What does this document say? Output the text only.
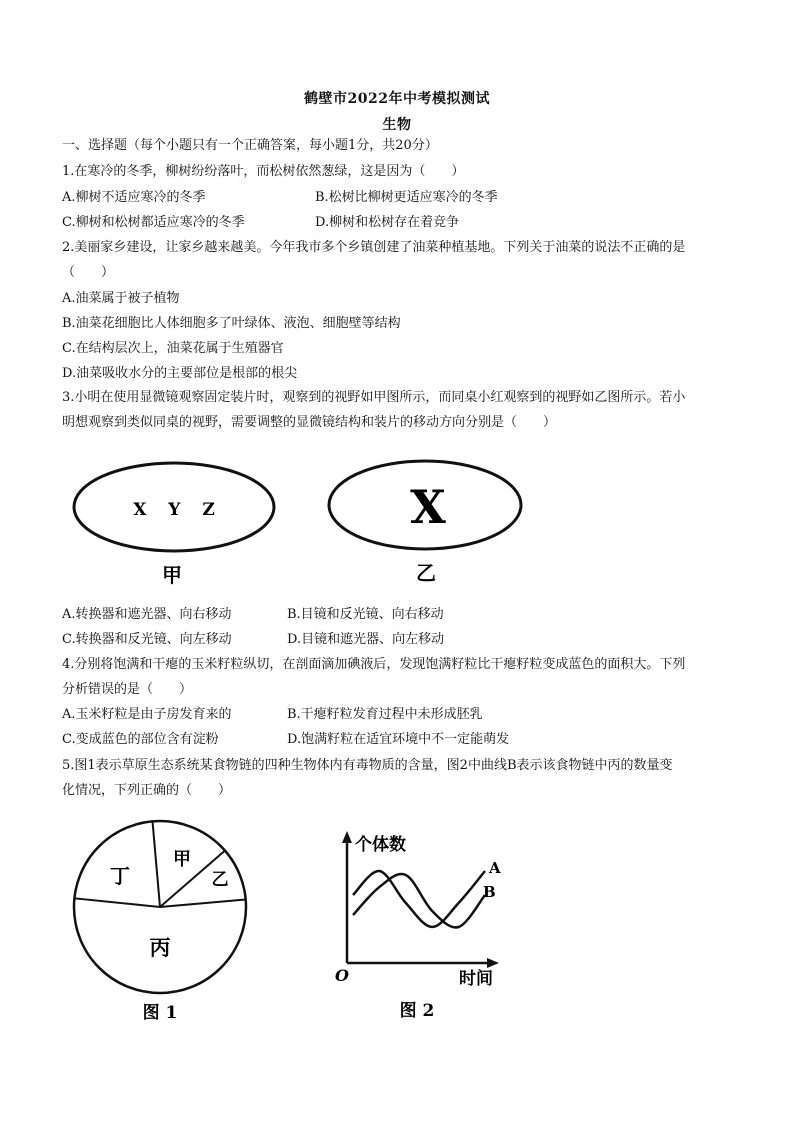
鹤壁市2022年中考模拟测试
生物
一、选择题（每个小题只有一个正确答案，每小题1分，共20分）
1.在寒冷的冬季，柳树纷纷落叶，而松树依然葱绿，这是因为（　　）
A.柳树不适应寒冷的冬季	B.松树比柳树更适应寒冷的冬季
C.柳树和松树都适应寒冷的冬季	D.柳树和松树存在着竞争
2.美丽家乡建设，让家乡越来越美。今年我市多个乡镇创建了油菜种植基地。下列关于油菜的说法不正确的是
（　　）
A.油菜属于被子植物
B.油菜花细胞比人体细胞多了叶绿体、液泡、细胞壁等结构
C.在结构层次上，油菜花属于生殖器官
D.油菜吸收水分的主要部位是根部的根尖
3.小明在使用显微镜观察固定装片时，观察到的视野如甲图所示，而同桌小红观察到的视野如乙图所示。若小
明想观察到类似同桌的视野，需要调整的显微镜结构和装片的移动方向分别是（　　）
X Y Z
甲
X
乙
A.转换器和遮光器、向右移动	B.目镜和反光镜、向右移动
C.转换器和反光镜、向左移动	D.目镜和遮光器、向左移动
4.分别将饱满和干瘪的玉米籽粒纵切，在剖面滴加碘液后，发现饱满籽粒比干瘪籽粒变成蓝色的面积大。下列
分析错误的是（　　）
A.玉米籽粒是由子房发育来的	B.干瘪籽粒发育过程中未形成胚乳
C.变成蓝色的部位含有淀粉	D.饱满籽粒在适宜环境中不一定能萌发
5.图1表示草原生态系统某食物链的四种生物体内有毒物质的含量，图2中曲线B表示该食物链中丙的数量变
化情况，下列正确的（　　）
丁
甲
乙
丙
图 1
个体数
时间
O
A
B
图 2
